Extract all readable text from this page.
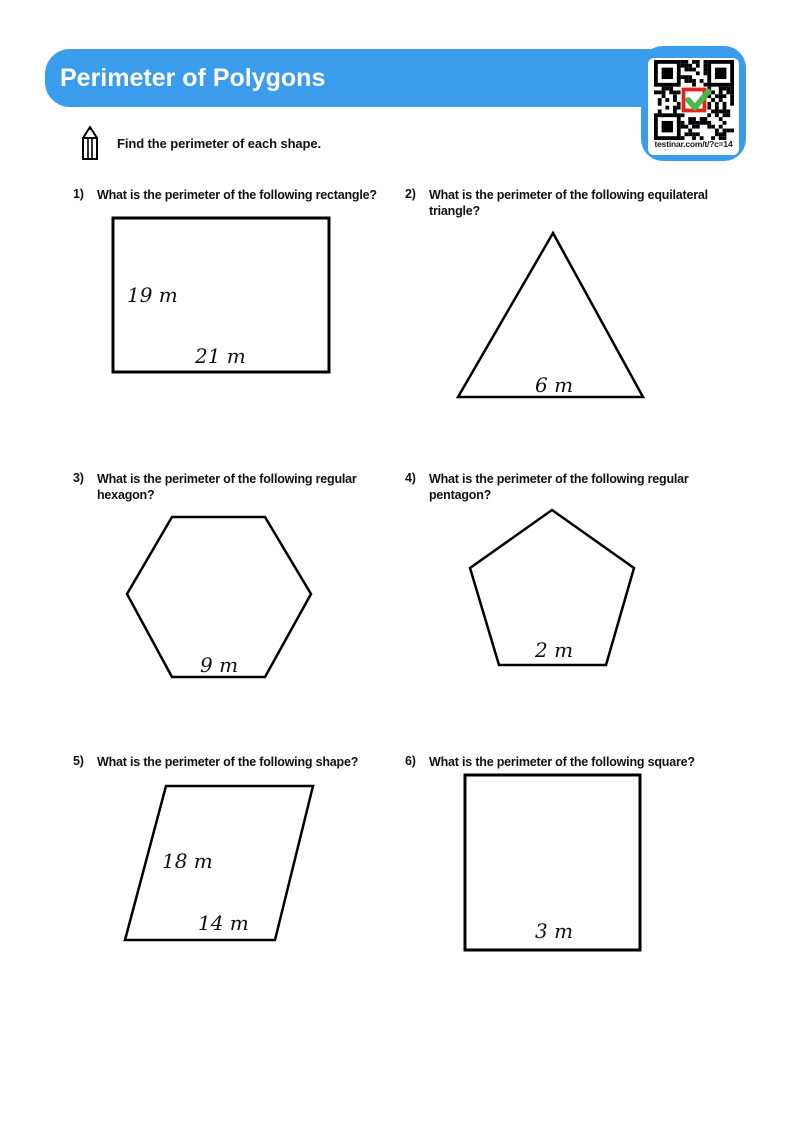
Perimeter of Polygons
testinar.com/t/?c=14
Find the perimeter of each shape.
1) What is the perimeter of the following rectangle?	2) What is the perimeter of the following equilateral triangle?
3) What is the perimeter of the following regular hexagon?
4) What is the perimeter of the following regular pentagon?
5) What is the perimeter of the following shape?	6) What is the perimeter of the following square?
19 m
21 m
6 m
9 m
2 m
18 m
14 m	3 m
